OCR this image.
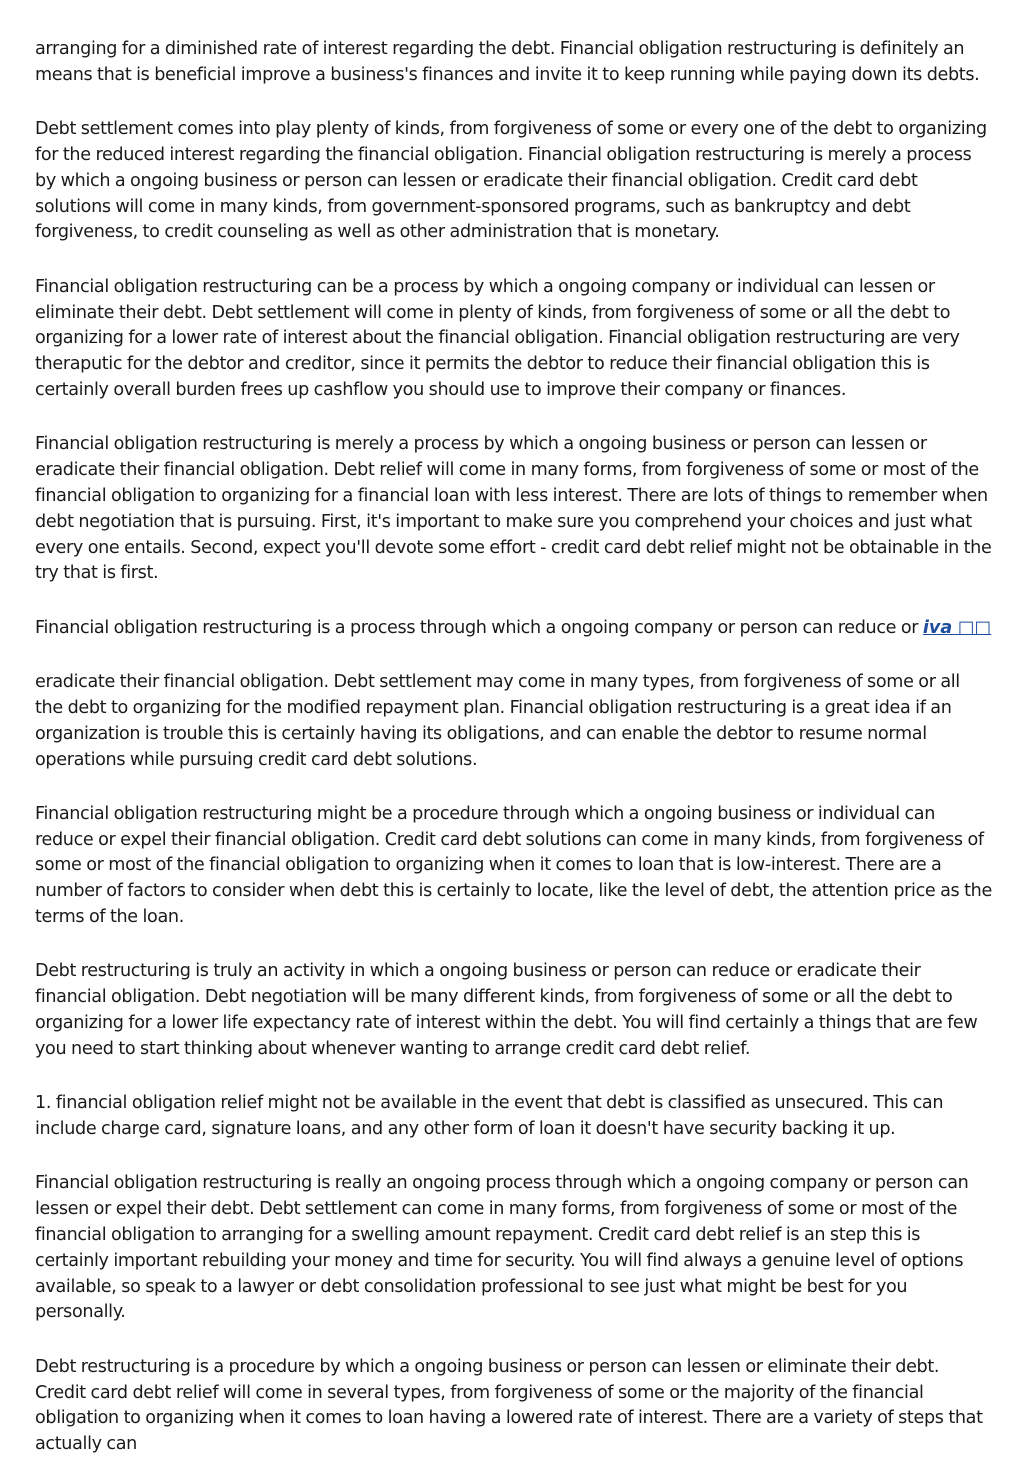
arranging for a diminished rate of interest regarding the debt. Financial obligation restructuring is definitely an means that is beneficial improve a business's finances and invite it to keep running while paying down its debts.

Debt settlement comes into play plenty of kinds, from forgiveness of some or every one of the debt to organizing for the reduced interest regarding the financial obligation. Financial obligation restructuring is merely a process by which a ongoing business or person can lessen or eradicate their financial obligation. Credit card debt solutions will come in many kinds, from government-sponsored programs, such as bankruptcy and debt forgiveness, to credit counseling as well as other administration that is monetary.

Financial obligation restructuring can be a process by which a ongoing company or individual can lessen or eliminate their debt. Debt settlement will come in plenty of kinds, from forgiveness of some or all the debt to organizing for a lower rate of interest about the financial obligation. Financial obligation restructuring are very theraputic for the debtor and creditor, since it permits the debtor to reduce their financial obligation this is certainly overall burden frees up cashflow you should use to improve their company or finances.

Financial obligation restructuring is merely a process by which a ongoing business or person can lessen or eradicate their financial obligation. Debt relief will come in many forms, from forgiveness of some or most of the financial obligation to organizing for a financial loan with less interest. There are lots of things to remember when debt negotiation that is pursuing. First, it's important to make sure you comprehend your choices and just what every one entails. Second, expect you'll devote some effort - credit card debt relief might not be obtainable in the try that is first.

Financial obligation restructuring is a process through which a ongoing company or person can reduce or iva □□

eradicate their financial obligation. Debt settlement may come in many types, from forgiveness of some or all the debt to organizing for the modified repayment plan. Financial obligation restructuring is a great idea if an organization is trouble this is certainly having its obligations, and can enable the debtor to resume normal operations while pursuing credit card debt solutions.

Financial obligation restructuring might be a procedure through which a ongoing business or individual can reduce or expel their financial obligation. Credit card debt solutions can come in many kinds, from forgiveness of some or most of the financial obligation to organizing when it comes to loan that is low-interest. There are a number of factors to consider when debt this is certainly to locate, like the level of debt, the attention price as the terms of the loan.

Debt restructuring is truly an activity in which a ongoing business or person can reduce or eradicate their financial obligation. Debt negotiation will be many different kinds, from forgiveness of some or all the debt to organizing for a lower life expectancy rate of interest within the debt. You will find certainly a things that are few you need to start thinking about whenever wanting to arrange credit card debt relief.

1. financial obligation relief might not be available in the event that debt is classified as unsecured. This can include charge card, signature loans, and any other form of loan it doesn't have security backing it up.

Financial obligation restructuring is really an ongoing process through which a ongoing company or person can lessen or expel their debt. Debt settlement can come in many forms, from forgiveness of some or most of the financial obligation to arranging for a swelling amount repayment. Credit card debt relief is an step this is certainly important rebuilding your money and time for security. You will find always a genuine level of options available, so speak to a lawyer or debt consolidation professional to see just what might be best for you personally.

Debt restructuring is a procedure by which a ongoing business or person can lessen or eliminate their debt. Credit card debt relief will come in several types, from forgiveness of some or the majority of the financial obligation to organizing when it comes to loan having a lowered rate of interest. There are a variety of steps that actually can
